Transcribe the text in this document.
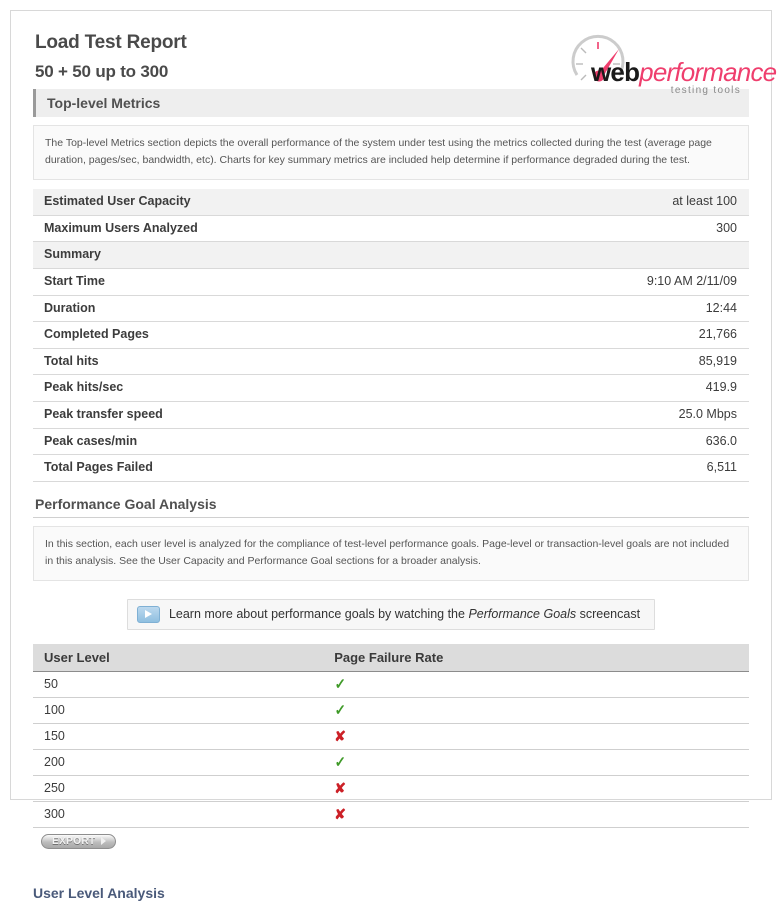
Load Test Report
50 + 50 up to 300	webperformance
testing tools
Top-level Metrics
The Top-level Metrics section depicts the overall performance of the system under test using the metrics collected during the test (average page duration, pages/sec, bandwidth, etc). Charts for key summary metrics are included help determine if performance degraded during the test.
Estimated User Capacity	at least 100
Maximum Users Analyzed	300
Summary	
Start Time	9:10 AM 2/11/09
Duration	12:44
Completed Pages	21,766
Total hits	85,919
Peak hits/sec	419.9
Peak transfer speed	25.0 Mbps
Peak cases/min	636.0
Total Pages Failed	6,511
Performance Goal Analysis
In this section, each user level is analyzed for the compliance of test-level performance goals. Page-level or transaction-level goals are not included in this analysis. See the User Capacity and Performance Goal sections for a broader analysis.
Learn more about performance goals by watching the Performance Goals screencast
User Level	Page Failure Rate
50	✓
100	✓
150	✘
200	✓
250	✘
300	✘
EXPORT
User Level Analysis
